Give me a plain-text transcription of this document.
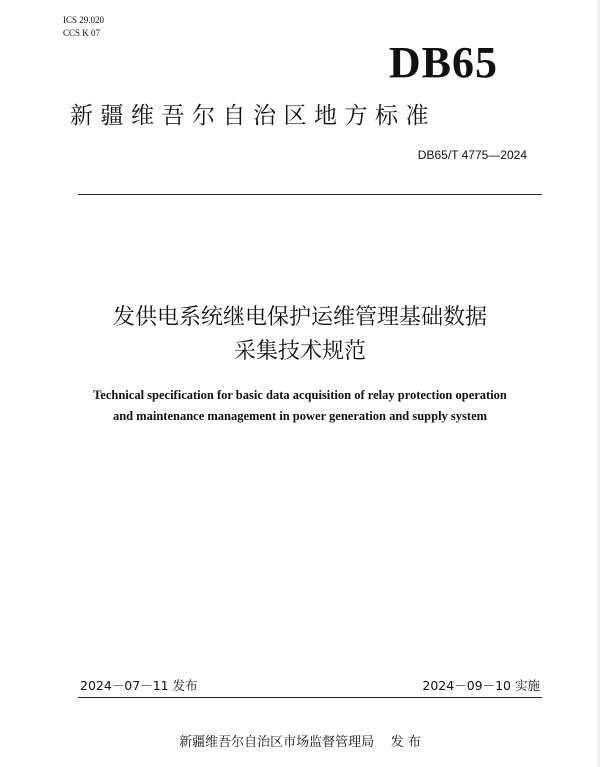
ICS 29.020
CCS K 07
DB65
新疆维吾尔自治区地方标准
DB65/T 4775—2024
发供电系统继电保护运维管理基础数据
采集技术规范
Technical specification for basic data acquisition of relay protection operation
and maintenance management in power generation and supply system
2024－07－11 发布	2024－09－10 实施
新疆维吾尔自治区市场监督管理局    发 布
